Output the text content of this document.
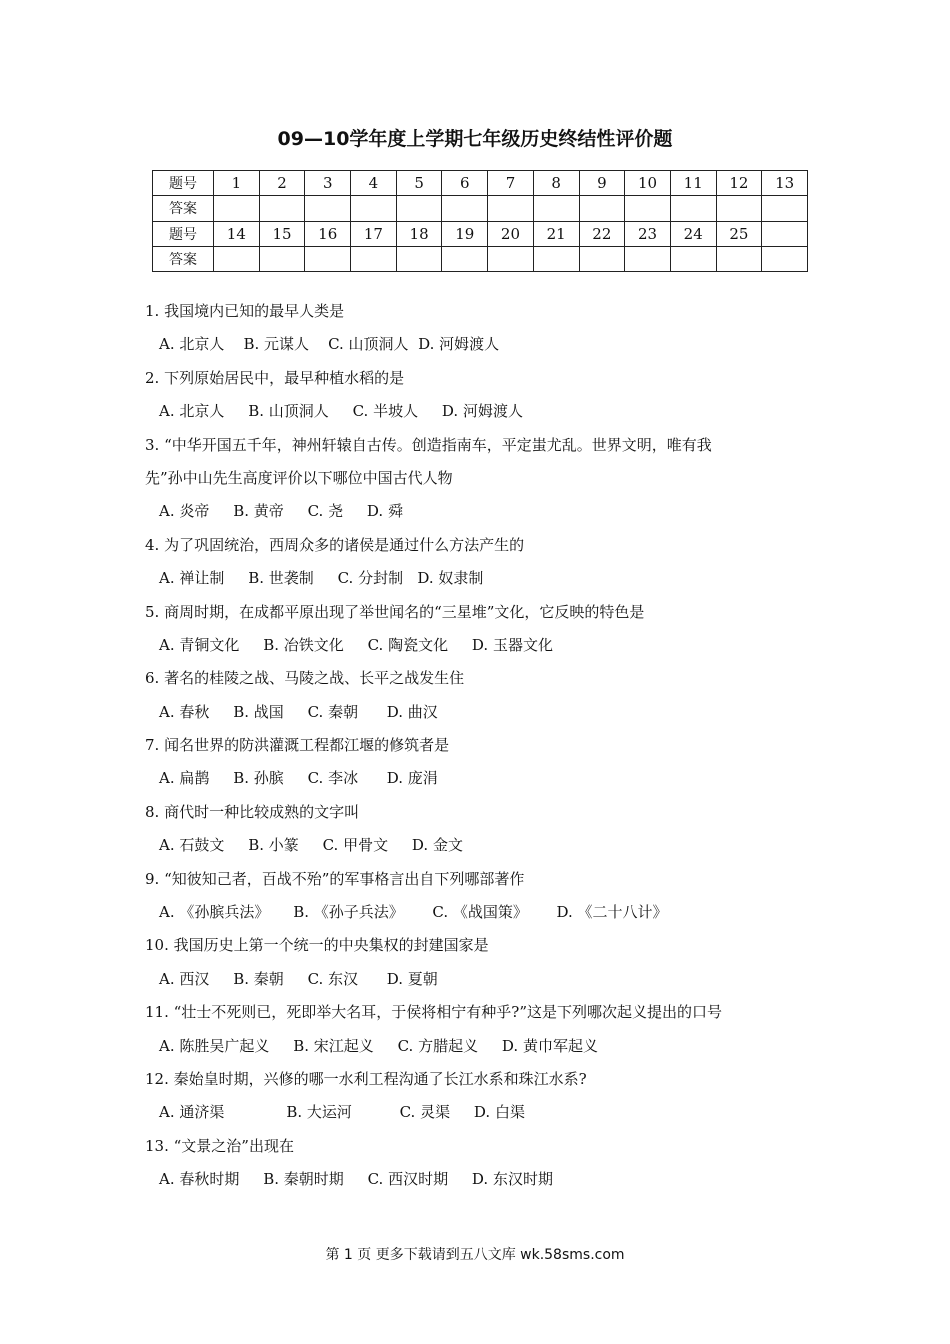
09—10学年度上学期七年级历史终结性评价题
题号	1	2	3	4	5	6	7	8	9	10	11	12	13
答案													
题号	14	15	16	17	18	19	20	21	22	23	24	25	
答案													
1. 我国境内已知的最早人类是
A. 北京人    B. 元谋人    C. 山顶洞人  D. 河姆渡人
2. 下列原始居民中，最早种植水稻的是
A. 北京人     B. 山顶洞人     C. 半坡人     D. 河姆渡人
3. “中华开国五千年，神州轩辕自古传。创造指南车，平定蚩尤乱。世界文明，唯有我
先”孙中山先生高度评价以下哪位中国古代人物
A. 炎帝     B. 黄帝     C. 尧     D. 舜
4. 为了巩固统治，西周众多的诸侯是通过什么方法产生的
A. 禅让制     B. 世袭制     C. 分封制   D. 奴隶制
5. 商周时期，在成都平原出现了举世闻名的“三星堆”文化，它反映的特色是
A. 青铜文化     B. 冶铁文化     C. 陶瓷文化     D. 玉器文化
6. 著名的桂陵之战、马陵之战、长平之战发生住
A. 春秋     B. 战国     C. 秦朝      D. 曲汉
7. 闻名世界的防洪灌溉工程都江堰的修筑者是
A. 扁鹊     B. 孙膑     C. 李冰      D. 庞涓
8. 商代时一种比较成熟的文字叫
A. 石鼓文     B. 小篆     C. 甲骨文     D. 金文
9. “知彼知己者，百战不殆”的军事格言出自下列哪部著作
A. 《孙膑兵法》     B. 《孙子兵法》      C. 《战国策》      D. 《二十八计》
10. 我国历史上第一个统一的中央集权的封建国家是
A. 西汉     B. 秦朝     C. 东汉      D. 夏朝
11. “壮士不死则已，死即举大名耳，于侯将相宁有种乎?”这是下列哪次起义提出的口号
A. 陈胜吴广起义     B. 宋江起义     C. 方腊起义     D. 黄巾军起义
12. 秦始皇时期，兴修的哪一水利工程沟通了长江水系和珠江水系?
A. 通济渠             B. 大运河          C. 灵渠     D. 白渠
13. “文景之治”出现在
A. 春秋时期     B. 秦朝时期     C. 西汉时期     D. 东汉时期
第 1 页 更多下载请到五八文库 wk.58sms.com
